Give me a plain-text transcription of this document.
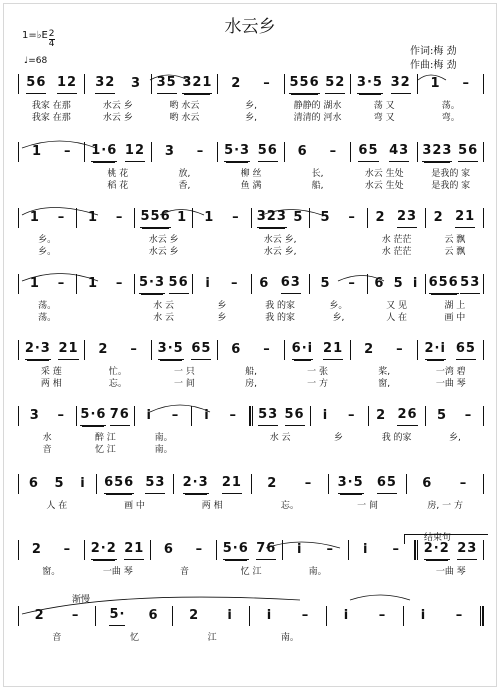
水云乡
1=♭E $\frac{2}{4}$
♩=68
作词:梅 劲
作曲:梅 劲
56 12 32 3 35 321 2 – 556 52 3·5 32 1 –
我家 在那	水云 乡	哟 水云	乡,	静静的 湖水	荡 又	荡。
我家 在那	水云 乡	哟 水云	乡,	清清的 河水	弯 又	弯。
1 – 1·6 12 3 – 5·3 56 6 – 65 43 323 56
桃 花	放,	柳 丝	长,	水云 生处	是我的 家
稻 花	香,	鱼 满	船,	水云 生处	是我的 家
1 – 1 – 556 1 1 – 323 5 5 – 2 23 2 21
乡。	水云 乡	水云 乡,	水 茫茫	云 飘
乡。	水云 乡	水云 乡,	水 茫茫	云 飘
1 – 1 – 5·3 56 i – 6 63 5 – 6 5 i 656 53
荡。	水 云	乡	我 的家	乡。	又 见	湖 上
荡。	水 云	乡	我 的家	乡,	人 在	画 中
2·3 21 2 – 3·5 65 6 – 6·i 21 2 – 2·i 65
采 莲	忙。	一 只	船,	一 张	桨,	一湾 碧
两 相	忘。	一 间	房,	一 方	窗,	一曲 琴
3 – 5·6 76 i – i – 53 56 i – 2 26 5 –
水	醉 江	南。	水 云	乡	我 的家	乡,
音	忆 江	南。
6 5 i 656 53 2·3 21 2 – 3·5 65 6 –
人 在	画 中	两 相	忘。	一 间	房, 一 方
2 – 2·2 21 6 – 5·6 76 i – i – 2·2 23
窗。	一曲 琴	音	忆 江	南。	一曲 琴
2 – 5· 6 2 i	i –	i –	i –
音	忆	江	南。
结束句
渐慢
